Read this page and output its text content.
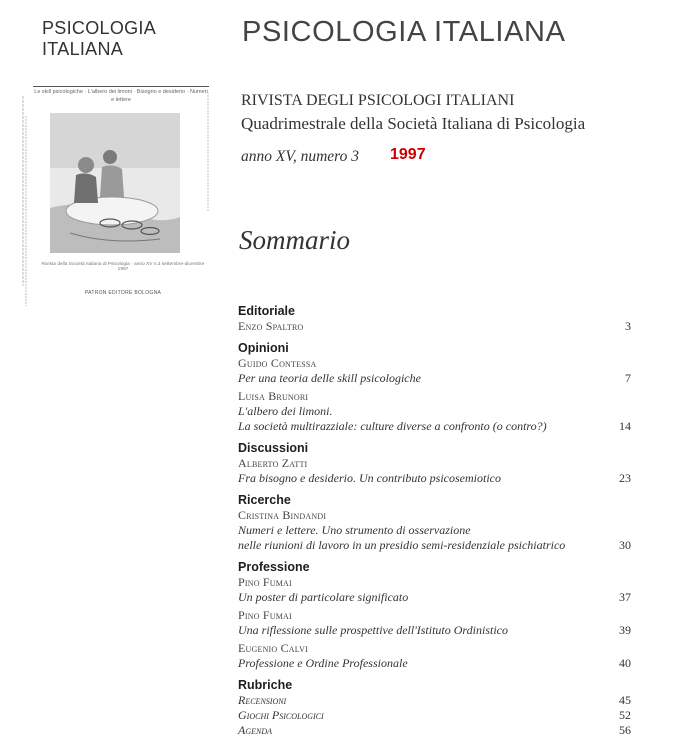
PSICOLOGIA
ITALIANA
Le skill psicologiche · L'albero dei limoni · Bisogno e desiderio · Numeri e lettere
Rivista della Società Italiana di Psicologia · anno XV n.3 settembre-dicembre 1997
PATRON EDITORE BOLOGNA
PSICOLOGIA ITALIANA
RIVISTA DEGLI PSICOLOGI ITALIANI
Quadrimestrale della Società Italiana di Psicologia
anno XV, numero 3 1997
Sommario
Editoriale
Enzo Spaltro	3
Opinioni
Guido Contessa
Per una teoria delle skill psicologiche	7
Luisa Brunori
L'albero dei limoni.
La società multirazziale: culture diverse a confronto (o contro?)	14
Discussioni
Alberto Zatti
Fra bisogno e desiderio. Un contributo psicosemiotico	23
Ricerche
Cristina Bindandi
Numeri e lettere. Uno strumento di osservazione
nelle riunioni di lavoro in un presidio semi-residenziale psichiatrico	30
Professione
Pino Fumai
Un poster di particolare significato	37
Pino Fumai
Una riflessione sulle prospettive dell'Istituto Ordinistico	39
Eugenio Calvi
Professione e Ordine Professionale	40
Rubriche
Recensioni	45
Giochi Psicologici	52
Agenda	56
